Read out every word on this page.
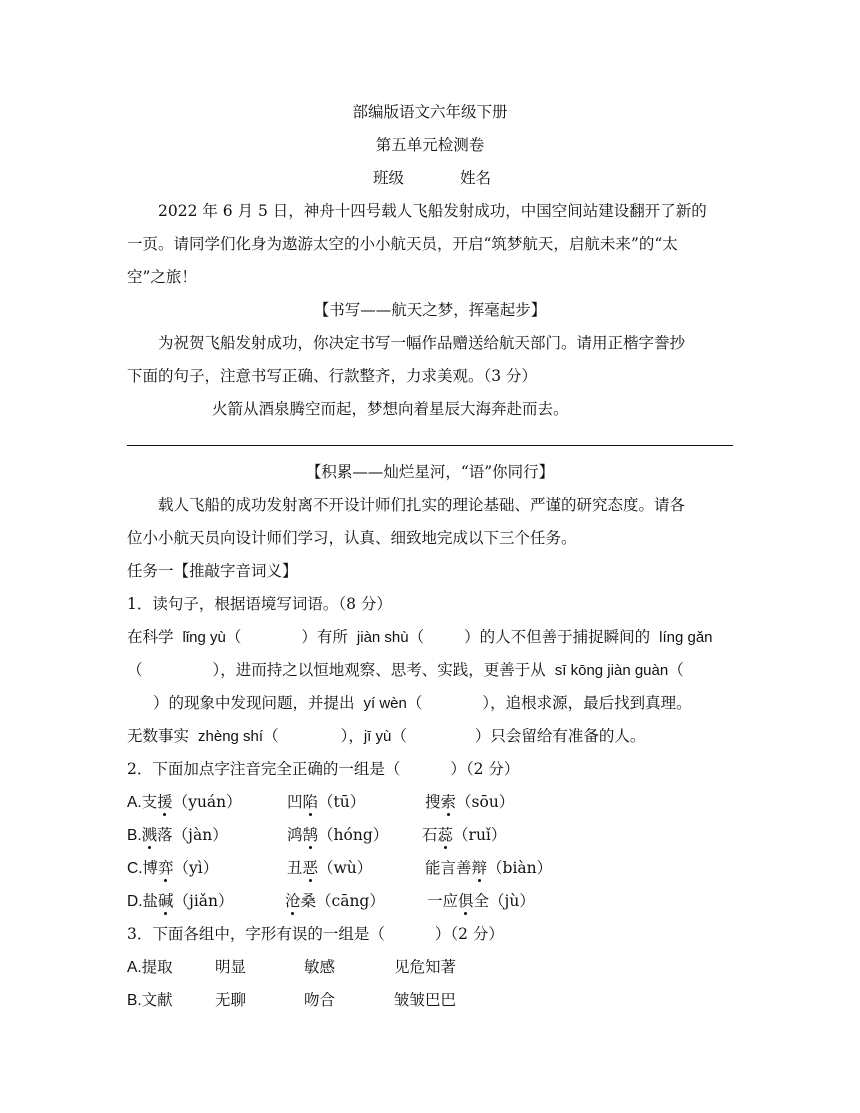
部编版语文六年级下册
第五单元检测卷
班级	姓名
2022 年 6 月 5 日，神舟十四号载人飞船发射成功，中国空间站建设翻开了新的
一页。请同学们化身为遨游太空的小小航天员，开启“筑梦航天，启航未来”的“太
空”之旅！
【书写——航天之梦，挥毫起步】
为祝贺飞船发射成功，你决定书写一幅作品赠送给航天部门。请用正楷字誊抄
下面的句子，注意书写正确、行款整齐，力求美观。（3 分）
火箭从酒泉腾空而起，梦想向着星辰大海奔赴而去。
【积累——灿烂星河，“语”你同行】
载人飞船的成功发射离不开设计师们扎实的理论基础、严谨的研究态度。请各
位小小航天员向设计师们学习，认真、细致地完成以下三个任务。
任务一【推敲字音词义】
1．读句子，根据语境写词语。（8 分）
在科学 lǐng yù（	）有所 jiàn shù（	）的人不但善于捕捉瞬间的 líng gǎn
（	），进而持之以恒地观察、思考、实践，更善于从 sī kōng jiàn guàn（
）的现象中发现问题，并提出 yí wèn（	），追根求源，最后找到真理。
无数事实 zhèng shí（	），jī yù（	）只会留给有准备的人。
2．下面加点字注音完全正确的一组是（	）（2 分）
A.支援（yuán）	凹陷（tū）	搜索（sōu）
B.溅落（jàn）	鸿鹄（hóng） 石蕊（ruǐ）
C.博弈（yì）	丑恶（wù）	能言善辩（biàn）
D.盐碱（jiǎn）	沧桑（cāng）	一应俱全（jù）
3．下面各组中，字形有误的一组是（	）（2 分）
A.提取	明显	敏感	见危知著
B.文献	无聊	吻合	皱皱巴巴
